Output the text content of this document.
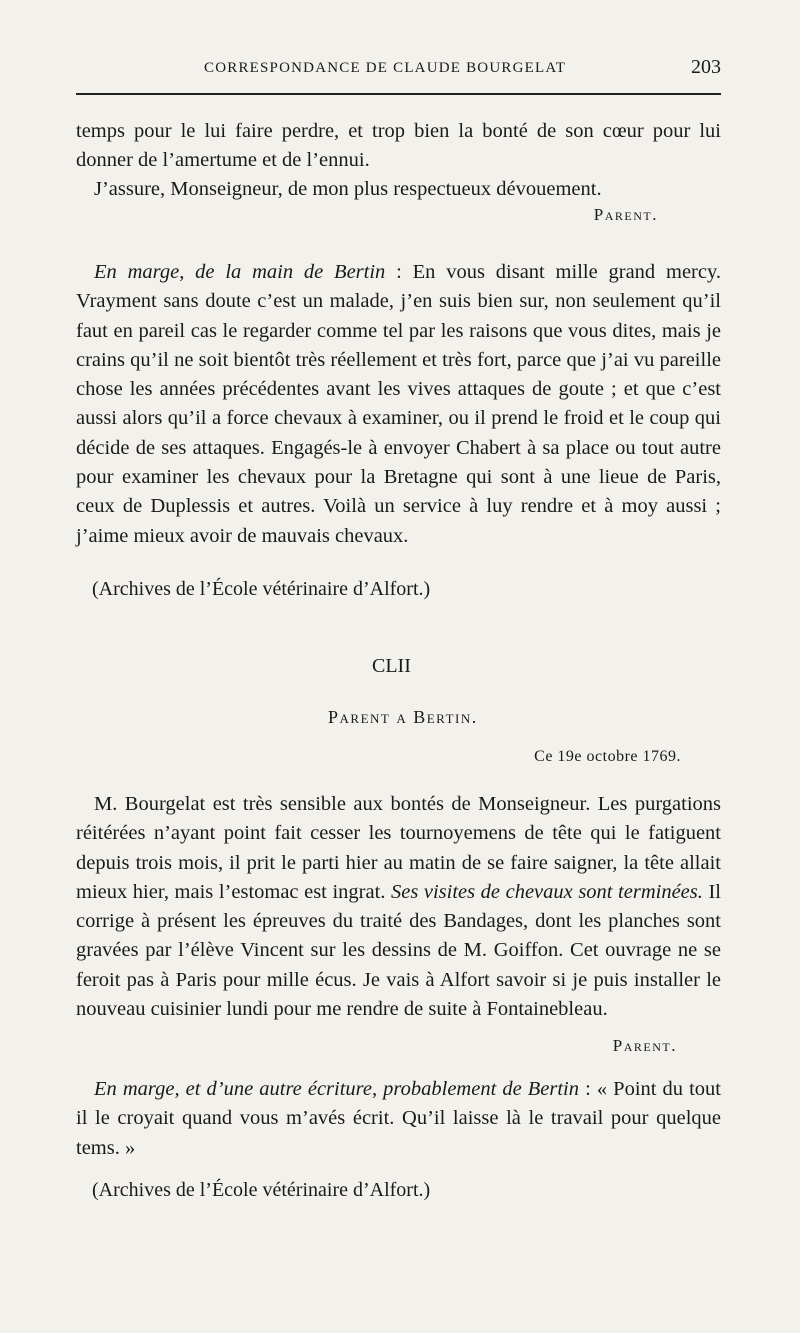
CORRESPONDANCE DE CLAUDE BOURGELAT	203

temps pour le lui faire perdre, et trop bien la bonté de son cœur pour lui donner de l’amertume et de l’ennui.

J’assure, Monseigneur, de mon plus respectueux dévouement.

Parent.

En marge, de la main de Bertin : En vous disant mille grand mercy. Vrayment sans doute c’est un malade, j’en suis bien sur, non seulement qu’il faut en pareil cas le regarder comme tel par les raisons que vous dites, mais je crains qu’il ne soit bientôt très réellement et très fort, parce que j’ai vu pareille chose les années précédentes avant les vives attaques de goute ; et que c’est aussi alors qu’il a force chevaux à examiner, ou il prend le froid et le coup qui décide de ses attaques. Engagés-le à envoyer Chabert à sa place ou tout autre pour examiner les chevaux pour la Bretagne qui sont à une lieue de Paris, ceux de Duplessis et autres. Voilà un service à luy rendre et à moy aussi ; j’aime mieux avoir de mauvais chevaux.

(Archives de l’École vétérinaire d’Alfort.)
CLII
Parent a Bertin.
Ce 19e octobre 1769.

M. Bourgelat est très sensible aux bontés de Monseigneur. Les purgations réitérées n’ayant point fait cesser les tournoyemens de tête qui le fatiguent depuis trois mois, il prit le parti hier au matin de se faire saigner, la tête allait mieux hier, mais l’estomac est ingrat. Ses visites de chevaux sont terminées. Il corrige à présent les épreuves du traité des Bandages, dont les planches sont gravées par l’élève Vincent sur les dessins de M. Goiffon. Cet ouvrage ne se feroit pas à Paris pour mille écus. Je vais à Alfort savoir si je puis installer le nouveau cuisinier lundi pour me rendre de suite à Fontainebleau.

Parent.

En marge, et d’une autre écriture, probablement de Bertin : « Point du tout il le croyait quand vous m’avés écrit. Qu’il laisse là le travail pour quelque tems. »

(Archives de l’École vétérinaire d’Alfort.)
